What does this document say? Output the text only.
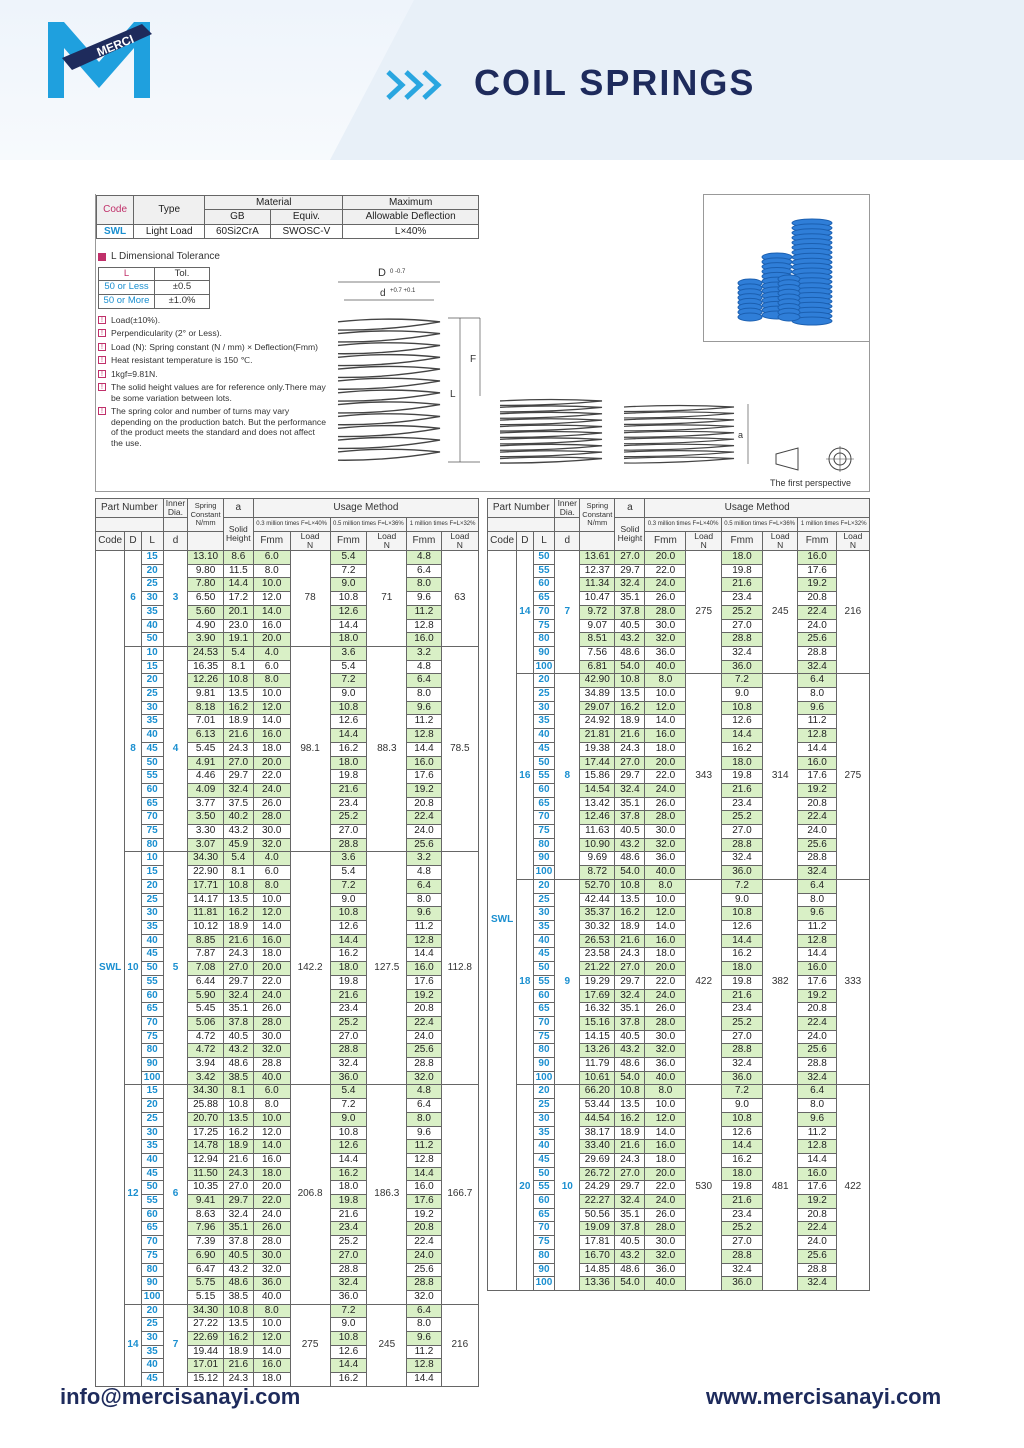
MERCI
COIL SPRINGS
Code	Type	Material		Maximum
		GB	Equiv.	Allowable Deflection
SWL	Light Load	60Si2CrA	SWOSC-V	L×40%
L Dimensional Tolerance
L	Tol.
50 or Less	±0.5
50 or More	±1.0%
! Load(±10%).
! Perpendicularity (2° or Less).
! Load (N): Spring constant (N / mm) × Deflection(Fmm)
! Heat resistant temperature is 150 ℃.
! 1kgf=9.81N.
! The solid height values are for reference only.There may be some variation between lots.
! The spring color and number of turns may vary depending on the production batch. But the performance of the product meets the standard and does not affect the use.
D 0 -0.7
d +0.7 +0.1
F
L
a
The first perspective
Part Number			Inner
Dia.	Spring
Constant
N/mm	a	Usage Method					
					Solid
Height	0.3 million times F=L×40%		0.5 million times F=L×36%		1 million times F=L×32%	
Code	D	L	d			Fmm	Load
N	Fmm	Load
N	Fmm	Load
N
SWL	6	15	3	13.10	8.6	6.0	78	5.4	71	4.8	63
		20		9.80	11.5	8.0		7.2		6.4	
		25		7.80	14.4	10.0		9.0		8.0	
		30		6.50	17.2	12.0		10.8		9.6	
		35		5.60	20.1	14.0		12.6		11.2	
		40		4.90	23.0	16.0		14.4		12.8	
		50		3.90	19.1	20.0		18.0		16.0	
	8	10	4	24.53	5.4	4.0	98.1	3.6	88.3	3.2	78.5
		15		16.35	8.1	6.0		5.4		4.8	
		20		12.26	10.8	8.0		7.2		6.4	
		25		9.81	13.5	10.0		9.0		8.0	
		30		8.18	16.2	12.0		10.8		9.6	
		35		7.01	18.9	14.0		12.6		11.2	
		40		6.13	21.6	16.0		14.4		12.8	
		45		5.45	24.3	18.0		16.2		14.4	
		50		4.91	27.0	20.0		18.0		16.0	
		55		4.46	29.7	22.0		19.8		17.6	
		60		4.09	32.4	24.0		21.6		19.2	
		65		3.77	37.5	26.0		23.4		20.8	
		70		3.50	40.2	28.0		25.2		22.4	
		75		3.30	43.2	30.0		27.0		24.0	
		80		3.07	45.9	32.0		28.8		25.6	
	10	10	5	34.30	5.4	4.0	142.2	3.6	127.5	3.2	112.8
		15		22.90	8.1	6.0		5.4		4.8	
		20		17.71	10.8	8.0		7.2		6.4	
		25		14.17	13.5	10.0		9.0		8.0	
		30		11.81	16.2	12.0		10.8		9.6	
		35		10.12	18.9	14.0		12.6		11.2	
		40		8.85	21.6	16.0		14.4		12.8	
		45		7.87	24.3	18.0		16.2		14.4	
		50		7.08	27.0	20.0		18.0		16.0	
		55		6.44	29.7	22.0		19.8		17.6	
		60		5.90	32.4	24.0		21.6		19.2	
		65		5.45	35.1	26.0		23.4		20.8	
		70		5.06	37.8	28.0		25.2		22.4	
		75		4.72	40.5	30.0		27.0		24.0	
		80		4.72	43.2	32.0		28.8		25.6	
		90		3.94	48.6	28.8		32.4		28.8	
		100		3.42	38.5	40.0		36.0		32.0	
	12	15	6	34.30	8.1	6.0	206.8	5.4	186.3	4.8	166.7
		20		25.88	10.8	8.0		7.2		6.4	
		25		20.70	13.5	10.0		9.0		8.0	
		30		17.25	16.2	12.0		10.8		9.6	
		35		14.78	18.9	14.0		12.6		11.2	
		40		12.94	21.6	16.0		14.4		12.8	
		45		11.50	24.3	18.0		16.2		14.4	
		50		10.35	27.0	20.0		18.0		16.0	
		55		9.41	29.7	22.0		19.8		17.6	
		60		8.63	32.4	24.0		21.6		19.2	
		65		7.96	35.1	26.0		23.4		20.8	
		70		7.39	37.8	28.0		25.2		22.4	
		75		6.90	40.5	30.0		27.0		24.0	
		80		6.47	43.2	32.0		28.8		25.6	
		90		5.75	48.6	36.0		32.4		28.8	
		100		5.15	38.5	40.0		36.0		32.0	
	14	20	7	34.30	10.8	8.0	275	7.2	245	6.4	216
		25		27.22	13.5	10.0		9.0		8.0	
		30		22.69	16.2	12.0		10.8		9.6	
		35		19.44	18.9	14.0		12.6		11.2	
		40		17.01	21.6	16.0		14.4		12.8	
		45		15.12	24.3	18.0		16.2		14.4	
Part Number			Inner
Dia.	Spring
Constant
N/mm	a	Usage Method					
					Solid
Height	0.3 million times F=L×40%		0.5 million times F=L×36%		1 million times F=L×32%	
Code	D	L	d			Fmm	Load
N	Fmm	Load
N	Fmm	Load
N
SWL	14	50	7	13.61	27.0	20.0	275	18.0	245	16.0	216
		55		12.37	29.7	22.0		19.8		17.6	
		60		11.34	32.4	24.0		21.6		19.2	
		65		10.47	35.1	26.0		23.4		20.8	
		70		9.72	37.8	28.0		25.2		22.4	
		75		9.07	40.5	30.0		27.0		24.0	
		80		8.51	43.2	32.0		28.8		25.6	
		90		7.56	48.6	36.0		32.4		28.8	
		100		6.81	54.0	40.0		36.0		32.4	
	16	20	8	42.90	10.8	8.0	343	7.2	314	6.4	275
		25		34.89	13.5	10.0		9.0		8.0	
		30		29.07	16.2	12.0		10.8		9.6	
		35		24.92	18.9	14.0		12.6		11.2	
		40		21.81	21.6	16.0		14.4		12.8	
		45		19.38	24.3	18.0		16.2		14.4	
		50		17.44	27.0	20.0		18.0		16.0	
		55		15.86	29.7	22.0		19.8		17.6	
		60		14.54	32.4	24.0		21.6		19.2	
		65		13.42	35.1	26.0		23.4		20.8	
		70		12.46	37.8	28.0		25.2		22.4	
		75		11.63	40.5	30.0		27.0		24.0	
		80		10.90	43.2	32.0		28.8		25.6	
		90		9.69	48.6	36.0		32.4		28.8	
		100		8.72	54.0	40.0		36.0		32.4	
	18	20	9	52.70	10.8	8.0	422	7.2	382	6.4	333
		25		42.44	13.5	10.0		9.0		8.0	
		30		35.37	16.2	12.0		10.8		9.6	
		35		30.32	18.9	14.0		12.6		11.2	
		40		26.53	21.6	16.0		14.4		12.8	
		45		23.58	24.3	18.0		16.2		14.4	
		50		21.22	27.0	20.0		18.0		16.0	
		55		19.29	29.7	22.0		19.8		17.6	
		60		17.69	32.4	24.0		21.6		19.2	
		65		16.32	35.1	26.0		23.4		20.8	
		70		15.16	37.8	28.0		25.2		22.4	
		75		14.15	40.5	30.0		27.0		24.0	
		80		13.26	43.2	32.0		28.8		25.6	
		90		11.79	48.6	36.0		32.4		28.8	
		100		10.61	54.0	40.0		36.0		32.4	
	20	20	10	66.20	10.8	8.0	530	7.2	481	6.4	422
		25		53.44	13.5	10.0		9.0		8.0	
		30		44.54	16.2	12.0		10.8		9.6	
		35		38.17	18.9	14.0		12.6		11.2	
		40		33.40	21.6	16.0		14.4		12.8	
		45		29.69	24.3	18.0		16.2		14.4	
		50		26.72	27.0	20.0		18.0		16.0	
		55		24.29	29.7	22.0		19.8		17.6	
		60		22.27	32.4	24.0		21.6		19.2	
		65		50.56	35.1	26.0		23.4		20.8	
		70		19.09	37.8	28.0		25.2		22.4	
		75		17.81	40.5	30.0		27.0		24.0	
		80		16.70	43.2	32.0		28.8		25.6	
		90		14.85	48.6	36.0		32.4		28.8	
		100		13.36	54.0	40.0		36.0		32.4	
info@mercisanayi.com	www.mercisanayi.com
